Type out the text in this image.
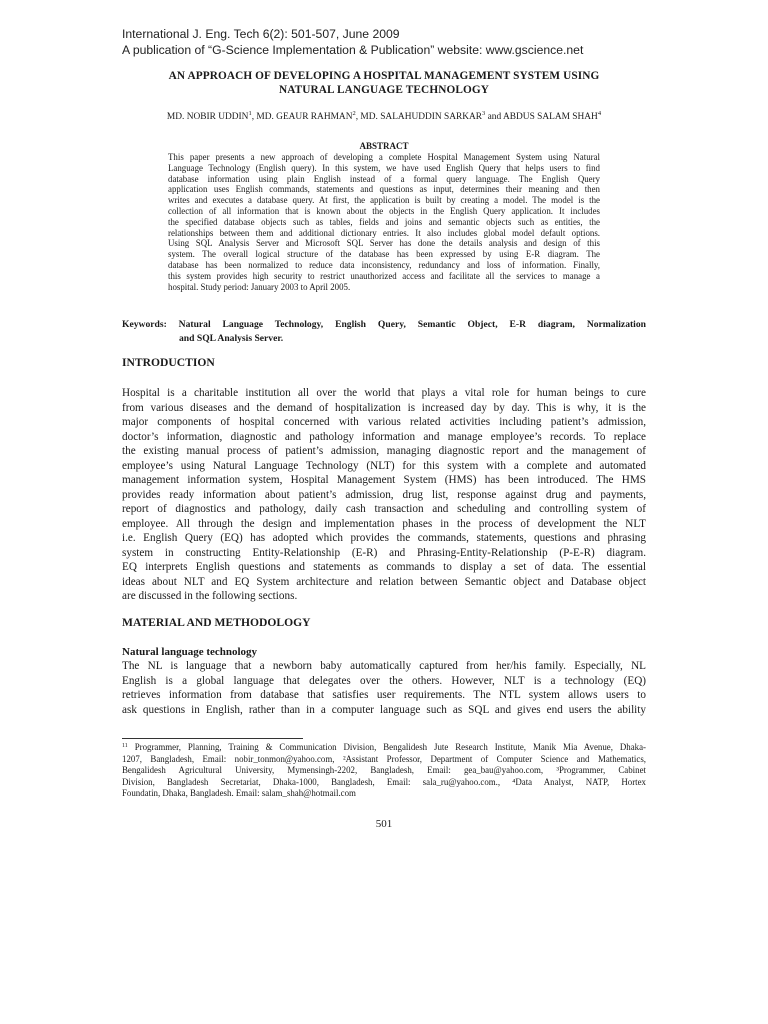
International J. Eng. Tech 6(2): 501-507, June 2009
A publication of “G-Science Implementation & Publication” website: www.gscience.net
AN APPROACH OF DEVELOPING A HOSPITAL MANAGEMENT SYSTEM USING
NATURAL LANGUAGE TECHNOLOGY
MD. NOBIR UDDIN$^1$, MD. GEAUR RAHMAN$^2$, MD. SALAHUDDIN SARKAR$^3$ and ABDUS SALAM SHAH$^4$
ABSTRACT
This paper presents a new approach of developing a complete Hospital Management System using Natural
Language Technology (English query). In this system, we have used English Query that helps users to find
database information using plain English instead of a formal query language. The English Query
application uses English commands, statements and questions as input, determines their meaning and then
writes and executes a database query. At first, the application is built by creating a model. The model is the
collection of all information that is known about the objects in the English Query application. It includes
the specified database objects such as tables, fields and joins and semantic objects such as entities, the
relationships between them and additional dictionary entries. It also includes global model default options.
Using SQL Analysis Server and Microsoft SQL Server has done the details analysis and design of this
system. The overall logical structure of the database has been expressed by using E-R diagram. The
database has been normalized to reduce data inconsistency, redundancy and loss of information. Finally,
this system provides high security to restrict unauthorized access and facilitate all the services to manage a
hospital. Study period: January 2003 to April 2005.
Keywords: Natural Language Technology, English Query, Semantic Object, E-R diagram, Normalization
and SQL Analysis Server.
INTRODUCTION
Hospital is a charitable institution all over the world that plays a vital role for human beings to cure
from various diseases and the demand of hospitalization is increased day by day. This is why, it is the
major components of hospital concerned with various related activities including patient’s admission,
doctor’s information, diagnostic and pathology information and manage employee’s records. To replace
the existing manual process of patient’s admission, managing diagnostic report and the management of
employee’s using Natural Language Technology (NLT) for this system with a complete and automated
management information system, Hospital Management System (HMS) has been introduced. The HMS
provides ready information about patient’s admission, drug list, response against drug and payments,
report of diagnostics and pathology, daily cash transaction and scheduling and controlling system of
employee. All through the design and implementation phases in the process of development the NLT
i.e. English Query (EQ) has adopted which provides the commands, statements, questions and phrasing
system in constructing Entity-Relationship (E-R) and Phrasing-Entity-Relationship (P-E-R) diagram.
EQ interprets English questions and statements as commands to display a set of data. The essential
ideas about NLT and EQ System architecture and relation between Semantic object and Database object
are discussed in the following sections.
MATERIAL AND METHODOLOGY
Natural language technology
The NL is language that a newborn baby automatically captured from her/his family. Especially, NL
English is a global language that delegates over the others. However, NLT is a technology (EQ)
retrieves information from database that satisfies user requirements. The NTL system allows users to
ask questions in English, rather than in a computer language such as SQL and gives end users the ability
$^{11}$ Programmer, Planning, Training & Communication Division, Bengalidesh Jute Research Institute, Manik Mia Avenue, Dhaka-
1207, Bangladesh, Email: nobir_tonmon@yahoo.com, ²Assistant Professor, Department of Computer Science and Mathematics,
Bengalidesh Agricultural University, Mymensingh-2202, Bangladesh, Email: gea_bau@yahoo.com, ³Programmer, Cabinet
Division, Bangladesh Secretariat, Dhaka-1000, Bangladesh, Email: sala_ru@yahoo.com., ⁴Data Analyst, NATP, Hortex
Foundatin, Dhaka, Bangladesh. Email: salam_shah@hotmail.com
501
